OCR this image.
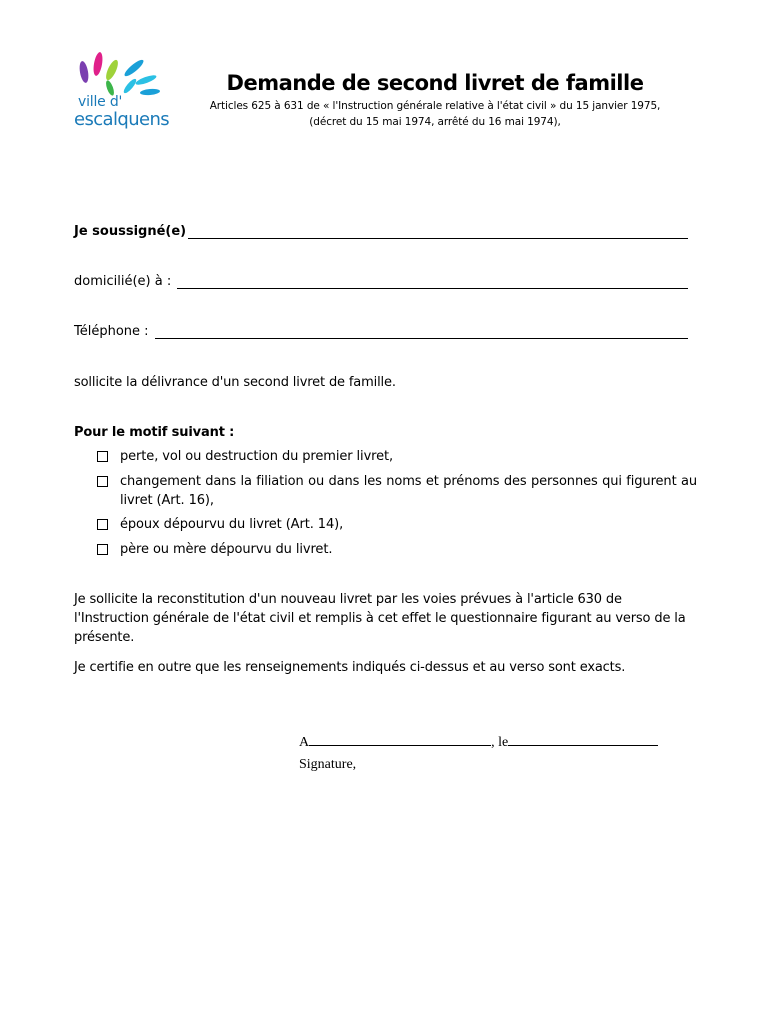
ville d'
escalquens
Demande de second livret de famille
Articles 625 à 631 de « l'Instruction générale relative à l'état civil » du 15 janvier 1975,
(décret du 15 mai 1974, arrêté du 16 mai 1974),
Je soussigné(e)
domicilié(e) à :
Téléphone :
sollicite la délivrance d'un second livret de famille.
Pour le motif suivant :
perte, vol ou destruction du premier livret,
changement dans la filiation ou dans les noms et prénoms des personnes qui figurent au livret (Art. 16),
époux dépourvu du livret (Art. 14),
père ou mère dépourvu du livret.
Je sollicite la reconstitution d'un nouveau livret par les voies prévues à l'article 630 de l'Instruction générale de l'état civil et remplis à cet effet le questionnaire figurant au verso de la présente.
Je certifie en outre que les renseignements indiqués ci-dessus et au verso sont exacts.
A	, le
Signature,
